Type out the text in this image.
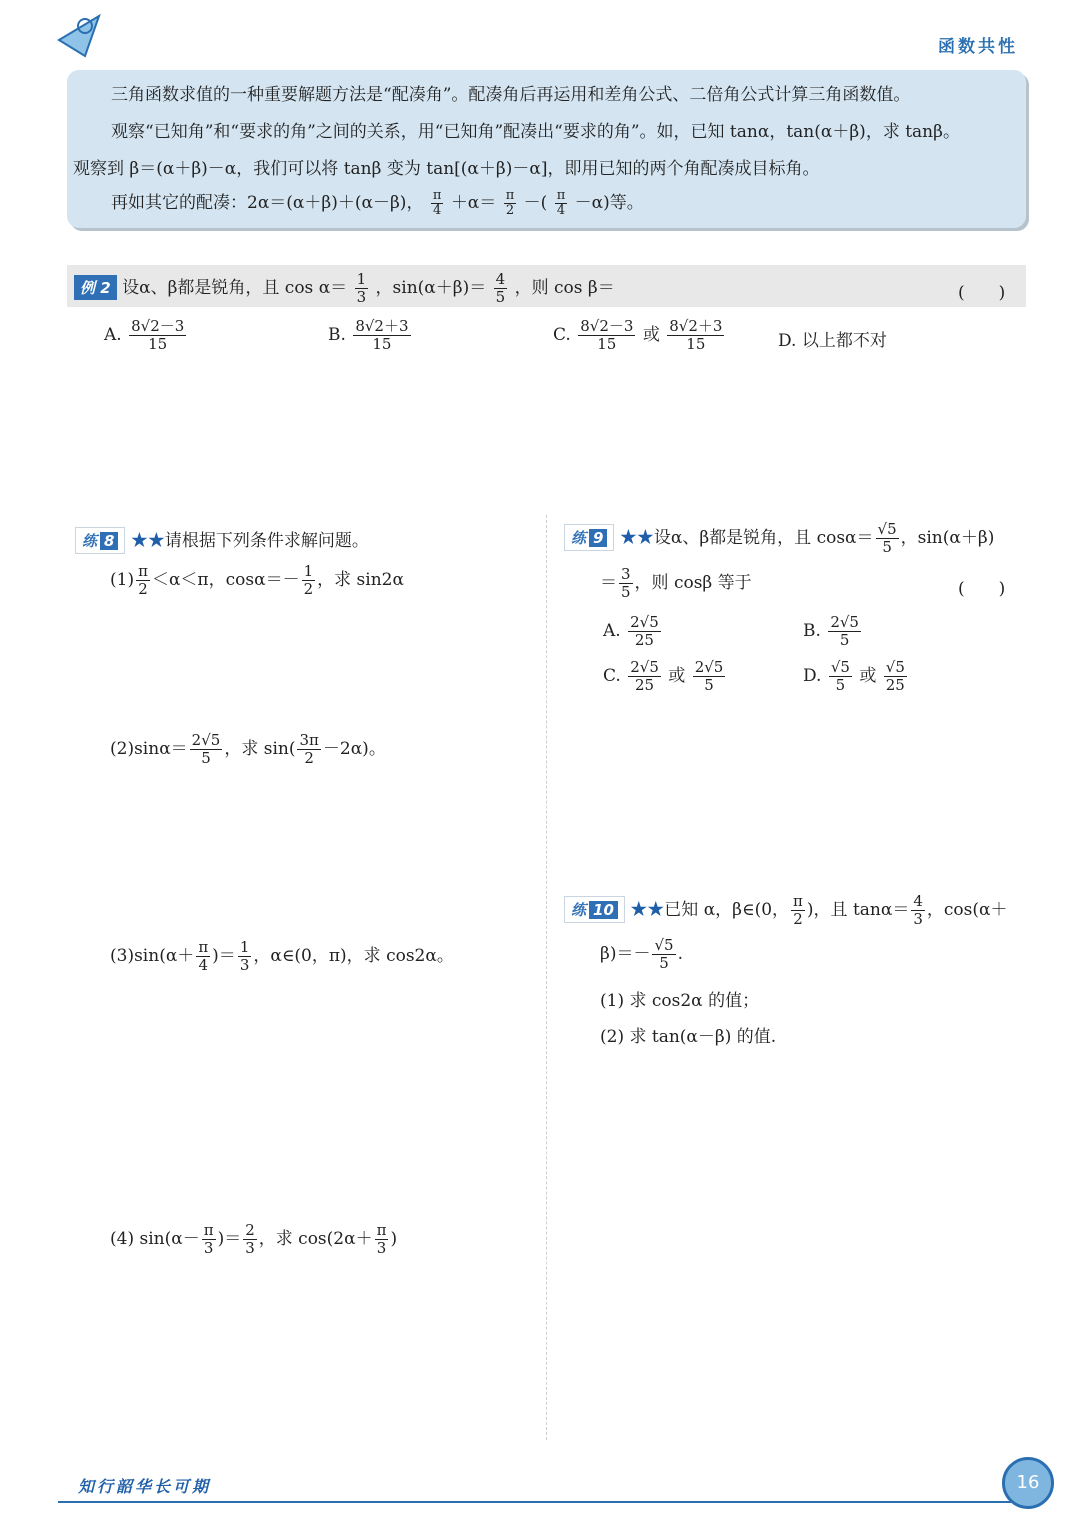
函数共性
三角函数求值的一种重要解题方法是“配凑角”。配凑角后再运用和差角公式、二倍角公式计算三角函数值。
观察“已知角”和“要求的角”之间的关系，用“已知角”配凑出“要求的角”。如，已知 tanα，tan(α＋β)，求 tanβ。
观察到 β＝(α＋β)－α，我们可以将 tanβ 变为 tan[(α＋β)－α]，即用已知的两个角配凑成目标角。
再如其它的配凑：2α＝(α＋β)＋(α－β)， $\frac{\pi}{4} +\alpha= \frac{\pi}{2}$ －( $\frac{\pi}{4} -\alpha$)等。
例 2 设α、β都是锐角，且 $\cos \alpha= \frac{1}{3}$ ，$\sin(\alpha+\beta)= \frac{4}{5}$ ，则 cos β＝	(　　)
A. $\frac{8√2-3}{15}$	B. $\frac{8√2+3}{15}$	C. $\frac{8√2-3}{15}$ 或 $\frac{8√2+3}{15}$	D. 以上都不对
练 8 ★★请根据下列条件求解问题。
$(1) \frac{\pi}{2} <\alpha<\pi$，$\cos\alpha=- \frac{1}{2}$ ，求 sin2α
$(2)\sin\alpha= \frac{2√5}{5}$ ，求 $\sin( \frac{3\pi}{2} -2\alpha)$。
$(3)\sin(\alpha+ \frac{\pi}{4}$ )＝ $\frac{1}{3}$ ，α∈(0，π)，求 cos2α。
(4) $\sin(\alpha- \frac{\pi}{3}$ )＝ $\frac{2}{3}$ ，求 $\cos(2\alpha+ \frac{\pi}{3}$ )
练 9 ★★设α、β都是锐角，且 $\cos\alpha= \frac{√5}{5}$ ，sin(α＋β)
＝ $\frac{3}{5}$ ，则 cosβ 等于	(　　)
A. $\frac{2√5}{25}$	B. $\frac{2√5}{5}$
C. $\frac{2√5}{25}$ 或 $\frac{2√5}{5}$	D. $\frac{√5}{5}$ 或 $\frac{√5}{25}$
练 10 ★★已知 α，β∈(0， $\frac{\pi}{2}$ )，且 $\tan\alpha= \frac{4}{3}$ ，cos(α＋
$\beta)=- \frac{√5}{5}$ .
(1) 求 cos2α 的值；
(2) 求 tan(α－β) 的值.
知行韶华长可期	16
